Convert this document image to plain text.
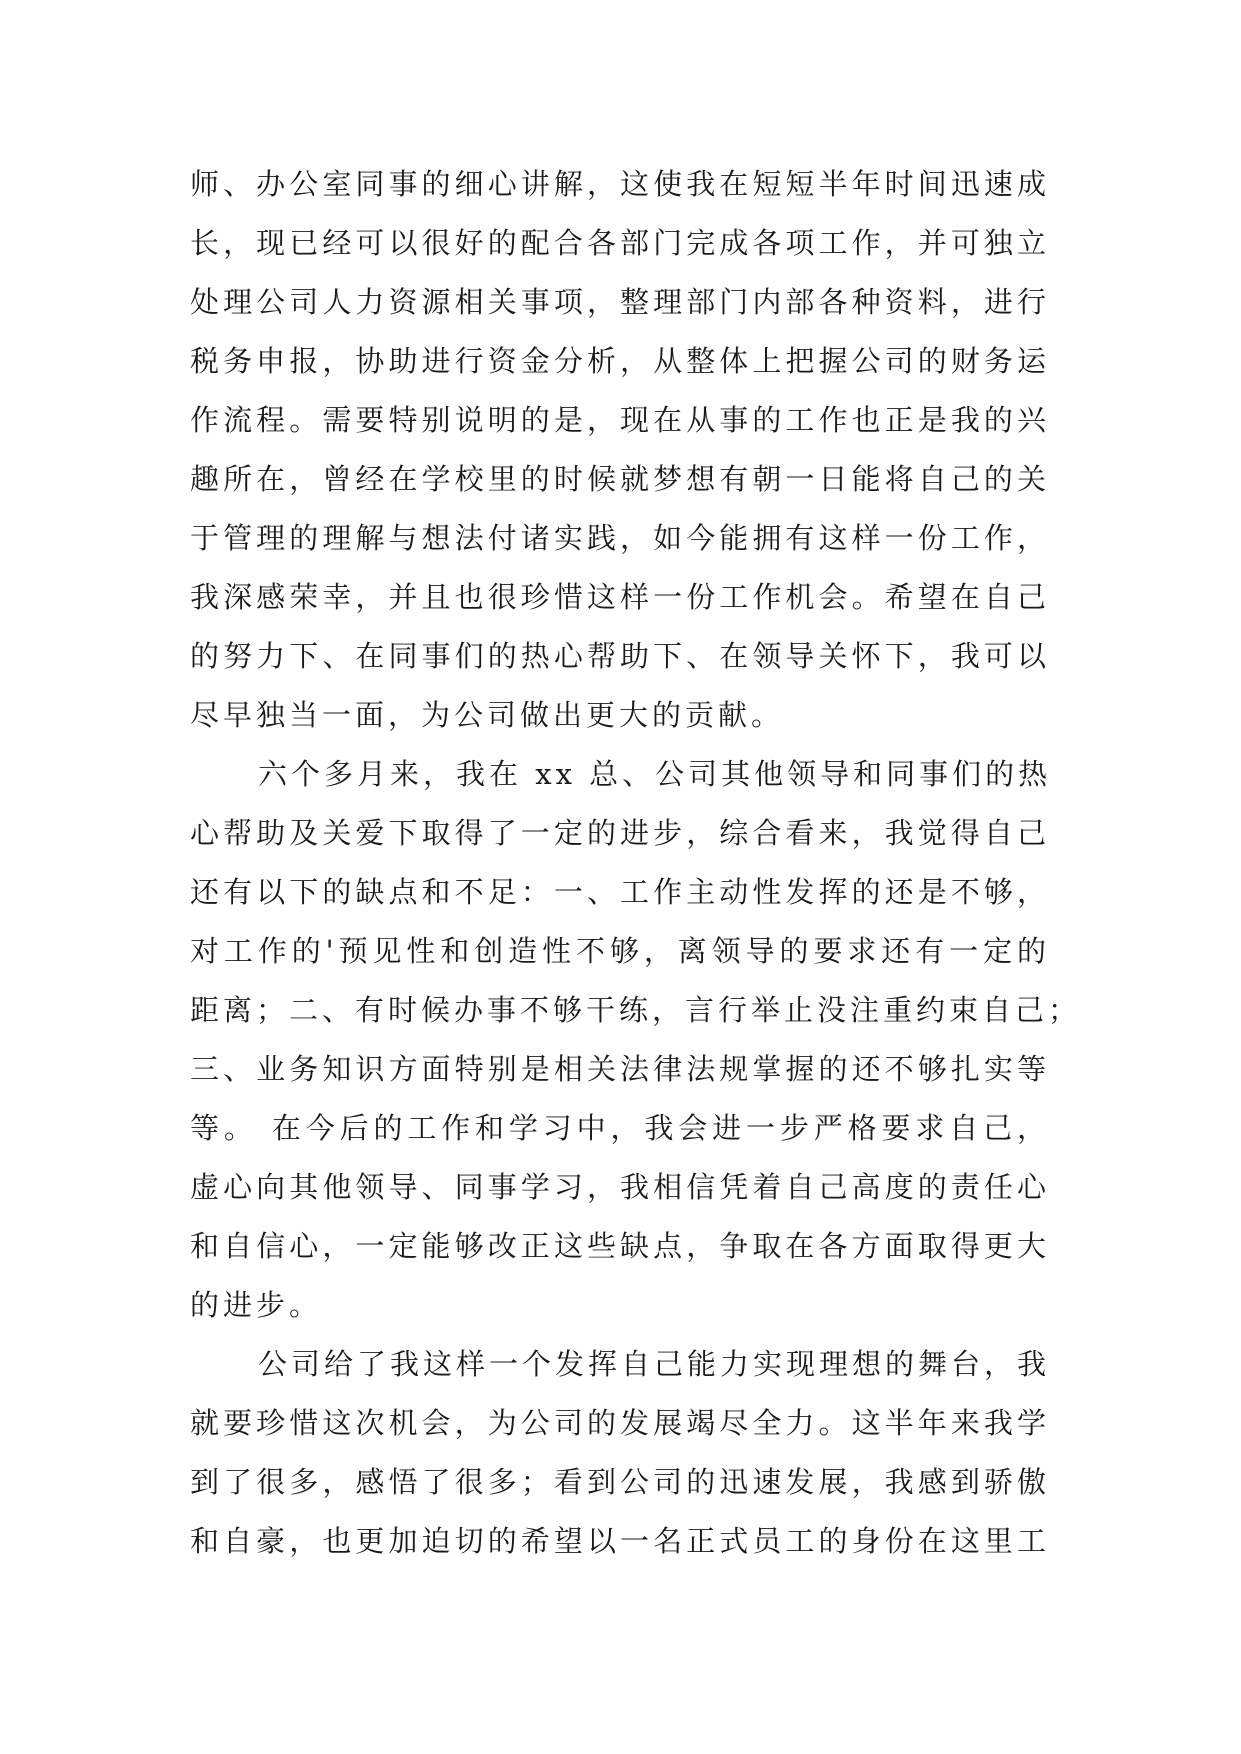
师、办公室同事的细心讲解，这使我在短短半年时间迅速成
长，现已经可以很好的配合各部门完成各项工作，并可独立
处理公司人力资源相关事项，整理部门内部各种资料，进行
税务申报，协助进行资金分析，从整体上把握公司的财务运
作流程。需要特别说明的是，现在从事的工作也正是我的兴
趣所在，曾经在学校里的时候就梦想有朝一日能将自己的关
于管理的理解与想法付诸实践，如今能拥有这样一份工作，
我深感荣幸，并且也很珍惜这样一份工作机会。希望在自己
的努力下、在同事们的热心帮助下、在领导关怀下，我可以
尽早独当一面，为公司做出更大的贡献。
六个多月来，我在 xx 总、公司其他领导和同事们的热
心帮助及关爱下取得了一定的进步，综合看来，我觉得自己
还有以下的缺点和不足：一、工作主动性发挥的还是不够，
对工作的'预见性和创造性不够，离领导的要求还有一定的
距离；二、有时候办事不够干练，言行举止没注重约束自己；
三、业务知识方面特别是相关法律法规掌握的还不够扎实等
等。 在今后的工作和学习中，我会进一步严格要求自己，
虚心向其他领导、同事学习，我相信凭着自己高度的责任心
和自信心，一定能够改正这些缺点，争取在各方面取得更大
的进步。
公司给了我这样一个发挥自己能力实现理想的舞台，我
就要珍惜这次机会，为公司的发展竭尽全力。这半年来我学
到了很多，感悟了很多；看到公司的迅速发展，我感到骄傲
和自豪，也更加迫切的希望以一名正式员工的身份在这里工
